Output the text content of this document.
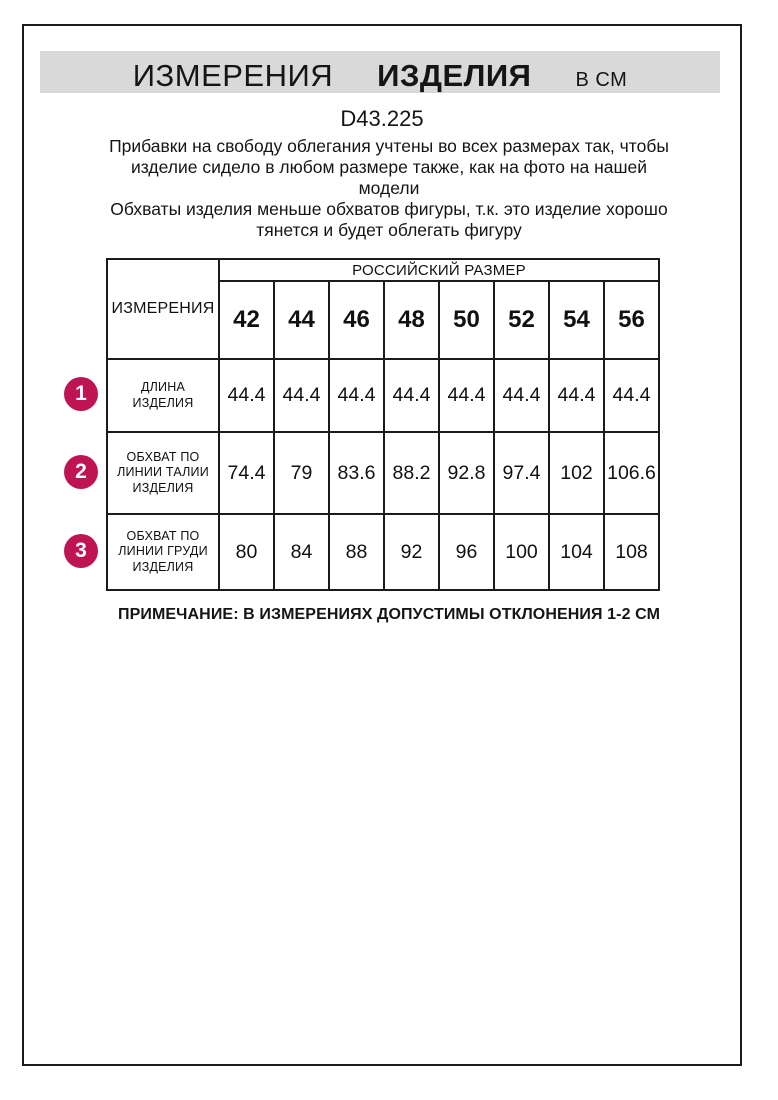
ИЗМЕРЕНИЯ ИЗДЕЛИЯ В СМ
D43.225
Прибавки на свободу облегания учтены во всех размерах так, чтобы
изделие сидело в любом размере также, как на фото на нашей
модели
Обхваты изделия меньше обхватов фигуры, т.к. это изделие хорошо
тянется и будет облегать фигуру
ИЗМЕРЕНИЯ	РОССИЙСКИЙ РАЗМЕР							
	42	44	46	48	50	52	54	56

ДЛИНА
ИЗДЕЛИЯ	44.4	44.4	44.4	44.4	44.4	44.4	44.4	44.4

ОБХВАТ ПО
ЛИНИИ ТАЛИИ
ИЗДЕЛИЯ	74.4	79	83.6	88.2	92.8	97.4	102	106.6

ОБХВАТ ПО
ЛИНИИ ГРУДИ
ИЗДЕЛИЯ	80	84	88	92	96	100	104	108
1
2
3
ПРИМЕЧАНИЕ: В ИЗМЕРЕНИЯХ ДОПУСТИМЫ ОТКЛОНЕНИЯ 1-2 СМ
